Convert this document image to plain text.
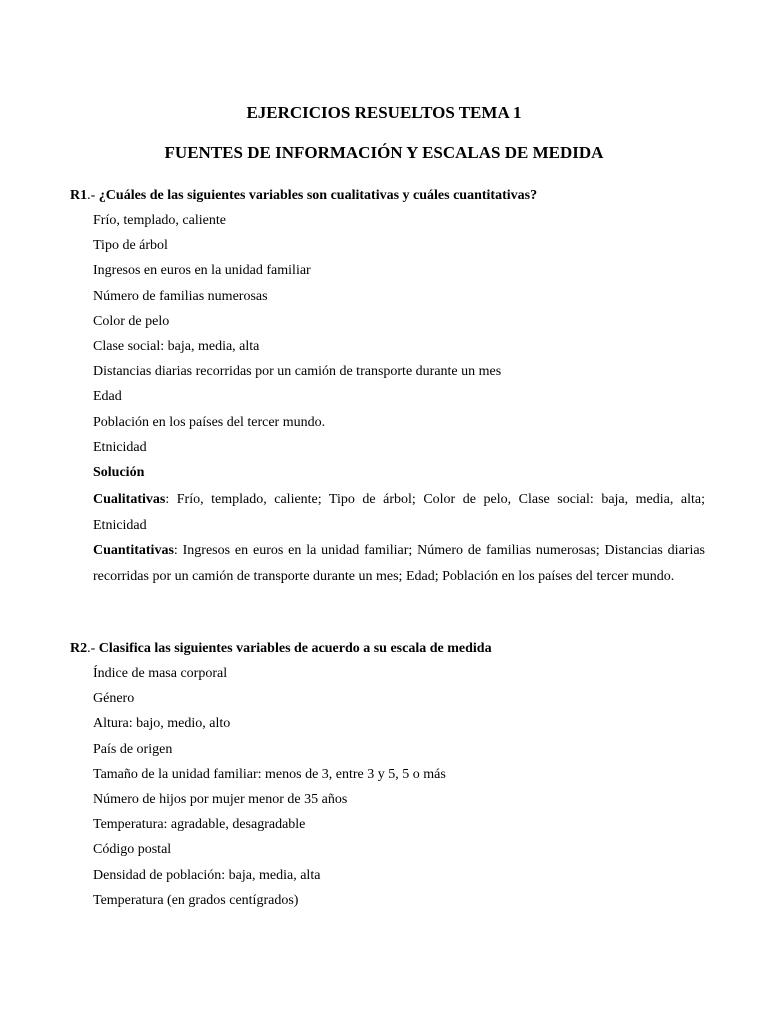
EJERCICIOS RESUELTOS TEMA 1
FUENTES DE INFORMACIÓN Y ESCALAS DE MEDIDA

R1.- ¿Cuáles de las siguientes variables son cualitativas y cuáles cuantitativas?

Frío, templado, caliente
Tipo de árbol
Ingresos en euros en la unidad familiar
Número de familias numerosas
Color de pelo
Clase social: baja, media, alta
Distancias diarias recorridas por un camión de transporte durante un mes
Edad
Población en los países del tercer mundo.
Etnicidad

Solución

Cualitativas: Frío, templado, caliente; Tipo de árbol; Color de pelo, Clase social: baja, media, alta; Etnicidad

Cuantitativas: Ingresos en euros en la unidad familiar; Número de familias numerosas; Distancias diarias recorridas por un camión de transporte durante un mes; Edad; Población en los países del tercer mundo.

R2.- Clasifica las siguientes variables de acuerdo a su escala de medida

Índice de masa corporal
Género
Altura: bajo, medio, alto
País de origen
Tamaño de la unidad familiar: menos de 3, entre 3 y 5, 5 o más
Número de hijos por mujer menor de 35 años
Temperatura: agradable, desagradable
Código postal
Densidad de población: baja, media, alta
Temperatura (en grados centígrados)
